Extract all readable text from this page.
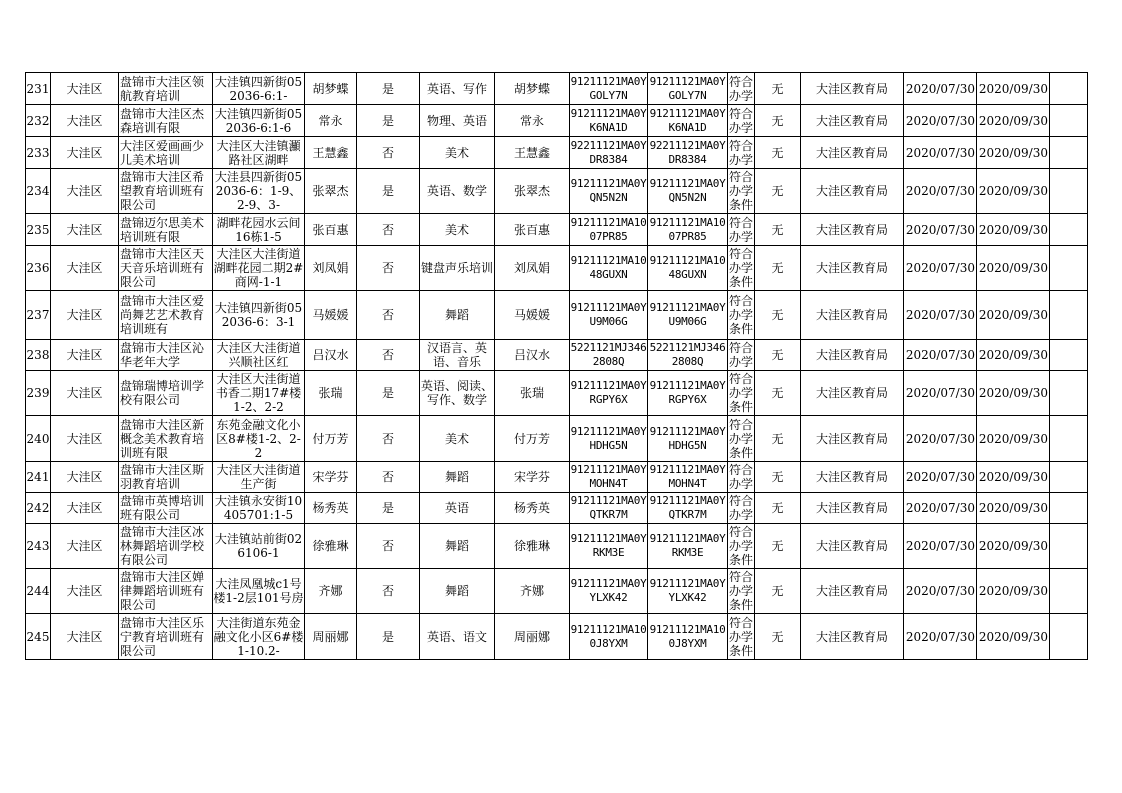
231	大洼区	盘锦市大洼区领航教育培训	大洼镇四新街052036-6:1-	胡梦蝶	是	英语、写作	胡梦蝶	91211121MA0YGOLY7N	91211121MA0YGOLY7N	符合办学	无	大洼区教育局	2020/07/30	2020/09/30	
232	大洼区	盘锦市大洼区杰森培训有限	大洼镇四新街052036-6:1-6	常永	是	物理、英语	常永	91211121MA0YK6NA1D	91211121MA0YK6NA1D	符合办学	无	大洼区教育局	2020/07/30	2020/09/30	
233	大洼区	大洼区爱画画少儿美术培训	大洼区大洼镇灦路社区湖畔	王慧鑫	否	美术	王慧鑫	92211121MA0YDR8384	92211121MA0YDR8384	符合办学	无	大洼区教育局	2020/07/30	2020/09/30	
234	大洼区	盘锦市大洼区希望教育培训班有限公司	大洼县四新街052036-6：1-9、2-9、3-	张翠杰	是	英语、数学	张翠杰	91211121MA0YQN5N2N	91211121MA0YQN5N2N	符合办学条件	无	大洼区教育局	2020/07/30	2020/09/30	
235	大洼区	盘锦迈尔思美术培训班有限	湖畔花园水云间16栋1-5	张百惠	否	美术	张百惠	91211121MA1007PR85	91211121MA1007PR85	符合办学	无	大洼区教育局	2020/07/30	2020/09/30	
236	大洼区	盘锦市大洼区天天音乐培训班有限公司	大洼区大洼街道湖畔花园二期2#商网-1-1	刘凤娟	否	键盘声乐培训	刘凤娟	91211121MA1048GUXN	91211121MA1048GUXN	符合办学条件	无	大洼区教育局	2020/07/30	2020/09/30	
237	大洼区	盘锦市大洼区爱尚舞艺艺术教育培训班有	大洼镇四新街052036-6：3-1	马媛媛	否	舞蹈	马媛媛	91211121MA0YU9M06G	91211121MA0YU9M06G	符合办学条件	无	大洼区教育局	2020/07/30	2020/09/30	
238	大洼区	盘锦市大洼区沁华老年大学	大洼区大洼街道兴顺社区红	吕汉水	否	汉语言、英语、音乐	吕汉水	5221121MJ3462808Q	5221121MJ3462808Q	符合办学	无	大洼区教育局	2020/07/30	2020/09/30	
239	大洼区	盘锦瑞博培训学校有限公司	大洼区大洼街道书香二期17#楼1-2、2-2	张瑞	是	英语、阅读、写作、数学	张瑞	91211121MA0YRGPY6X	91211121MA0YRGPY6X	符合办学条件	无	大洼区教育局	2020/07/30	2020/09/30	
240	大洼区	盘锦市大洼区新概念美术教育培训班有限	东苑金融文化小区8#楼1-2、2-2	付万芳	否	美术	付万芳	91211121MA0YHDHG5N	91211121MA0YHDHG5N	符合办学条件	无	大洼区教育局	2020/07/30	2020/09/30	
241	大洼区	盘锦市大洼区斯羽教育培训	大洼区大洼街道生产街	宋学芬	否	舞蹈	宋学芬	91211121MA0YMOHN4T	91211121MA0YMOHN4T	符合办学	无	大洼区教育局	2020/07/30	2020/09/30	
242	大洼区	盘锦市英博培训班有限公司	大洼镇永安街10405701:1-5	杨秀英	是	英语	杨秀英	91211121MA0YQTKR7M	91211121MA0YQTKR7M	符合办学	无	大洼区教育局	2020/07/30	2020/09/30	
243	大洼区	盘锦市大洼区冰林舞蹈培训学校有限公司	大洼镇站前街026106-1	徐雅琳	否	舞蹈	徐雅琳	91211121MA0YRKM3E	91211121MA0YRKM3E	符合办学条件	无	大洼区教育局	2020/07/30	2020/09/30	
244	大洼区	盘锦市大洼区婵律舞蹈培训班有限公司	大洼凤凰城c1号楼1-2层101号房	齐娜	否	舞蹈	齐娜	91211121MA0YYLXK42	91211121MA0YYLXK42	符合办学条件	无	大洼区教育局	2020/07/30	2020/09/30	
245	大洼区	盘锦市大洼区乐宁教育培训班有限公司	大洼街道东苑金融文化小区6#楼1-10.2-	周丽娜	是	英语、语文	周丽娜	91211121MA100J8YXM	91211121MA100J8YXM	符合办学条件	无	大洼区教育局	2020/07/30	2020/09/30	
